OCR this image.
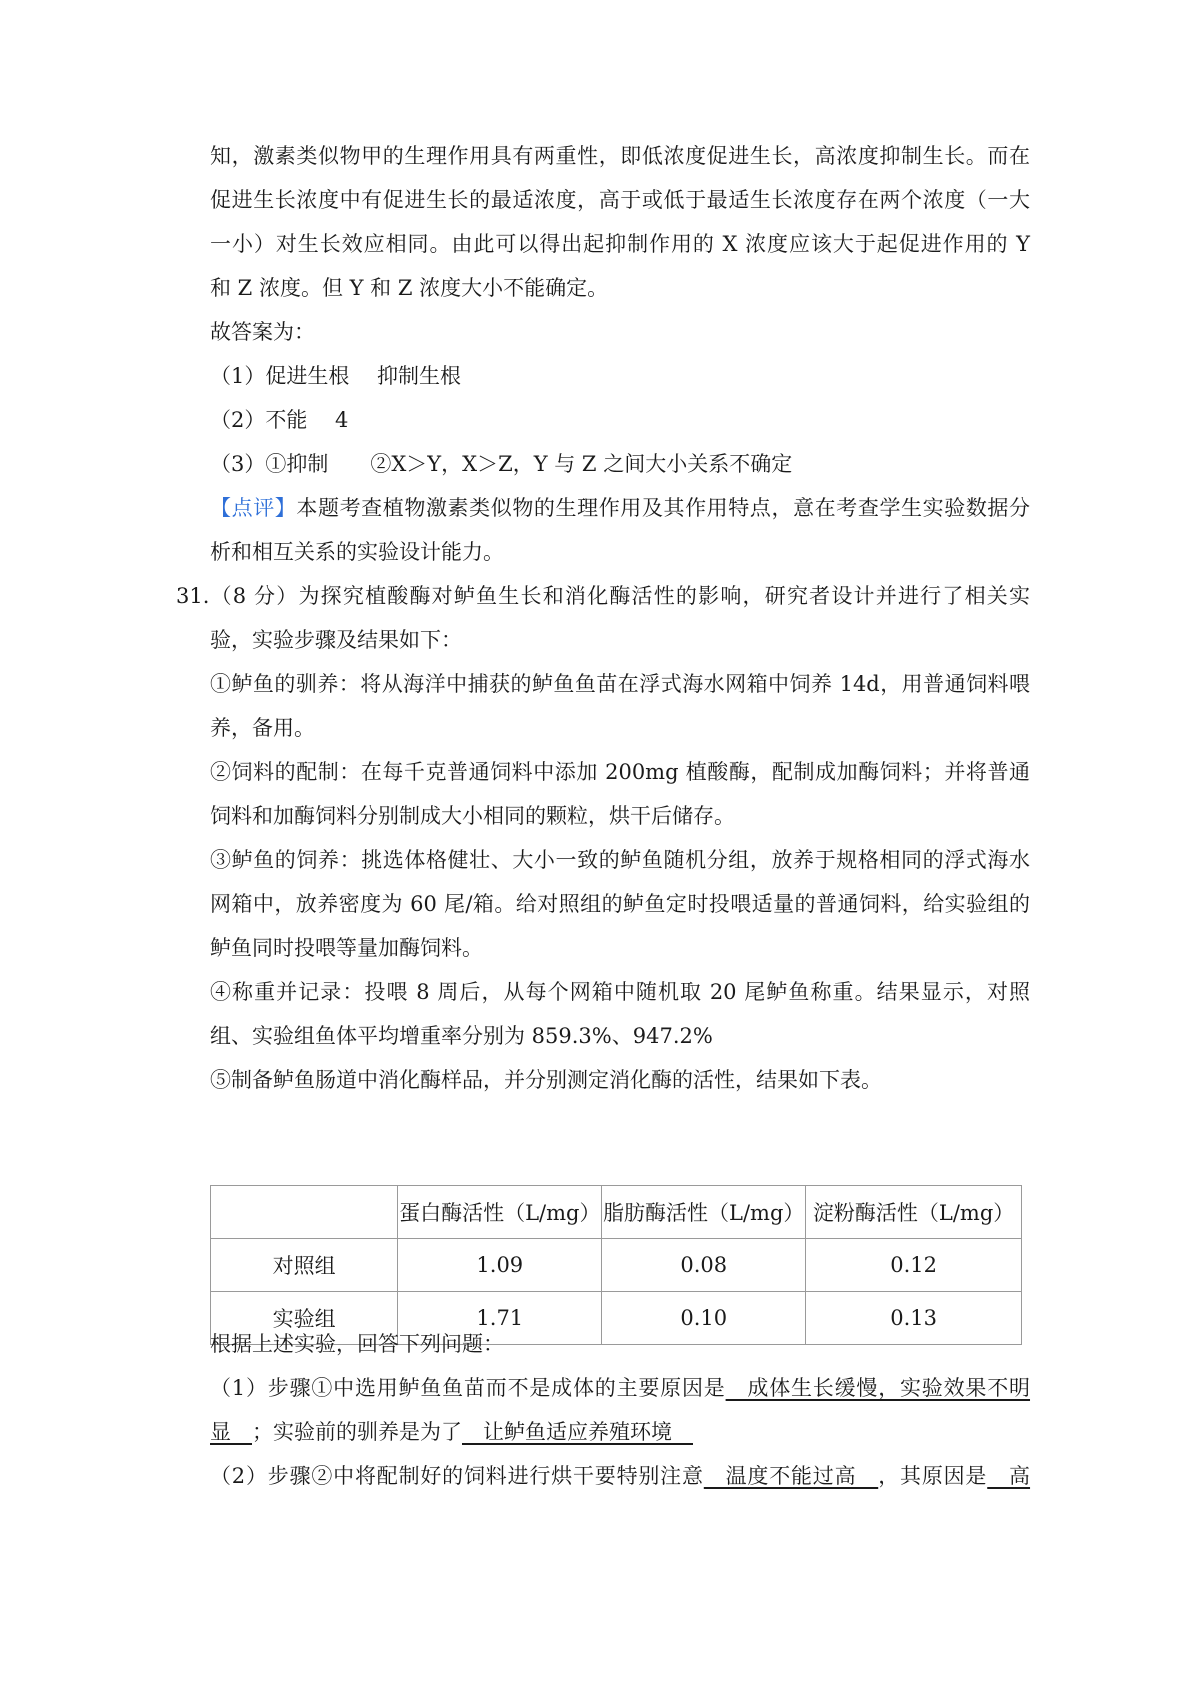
知，激素类似物甲的生理作用具有两重性，即低浓度促进生长，高浓度抑制生长。而在
促进生长浓度中有促进生长的最适浓度，高于或低于最适生长浓度存在两个浓度（一大
一小）对生长效应相同。由此可以得出起抑制作用的 X 浓度应该大于起促进作用的 Y
和 Z 浓度。但 Y 和 Z 浓度大小不能确定。
故答案为：
（1）促进生根　 抑制生根
（2）不能　 4
（3）①抑制　　②X＞Y，X＞Z，Y 与 Z 之间大小关系不确定
【点评】本题考查植物激素类似物的生理作用及其作用特点，意在考查学生实验数据分
析和相互关系的实验设计能力。
31.（8 分）为探究植酸酶对鲈鱼生长和消化酶活性的影响，研究者设计并进行了相关实
验，实验步骤及结果如下：
①鲈鱼的驯养：将从海洋中捕获的鲈鱼鱼苗在浮式海水网箱中饲养 14d，用普通饲料喂
养，备用。
②饲料的配制：在每千克普通饲料中添加 200mg 植酸酶，配制成加酶饲料；并将普通
饲料和加酶饲料分别制成大小相同的颗粒，烘干后储存。
③鲈鱼的饲养：挑选体格健壮、大小一致的鲈鱼随机分组，放养于规格相同的浮式海水
网箱中，放养密度为 60 尾/箱。给对照组的鲈鱼定时投喂适量的普通饲料，给实验组的
鲈鱼同时投喂等量加酶饲料。
④称重并记录：投喂 8 周后，从每个网箱中随机取 20 尾鲈鱼称重。结果显示，对照
组、实验组鱼体平均增重率分别为 859.3%、947.2%
⑤制备鲈鱼肠道中消化酶样品，并分别测定消化酶的活性，结果如下表。
	蛋白酶活性（L/mg）	脂肪酶活性（L/mg）	淀粉酶活性（L/mg）
对照组	1.09	0.08	0.12
实验组	1.71	0.10	0.13
根据上述实验，回答下列问题：
（1）步骤①中选用鲈鱼鱼苗而不是成体的主要原因是　成体生长缓慢，实验效果不明
显　；实验前的驯养是为了　让鲈鱼适应养殖环境　
（2）步骤②中将配制好的饲料进行烘干要特别注意　温度不能过高　，其原因是　高
